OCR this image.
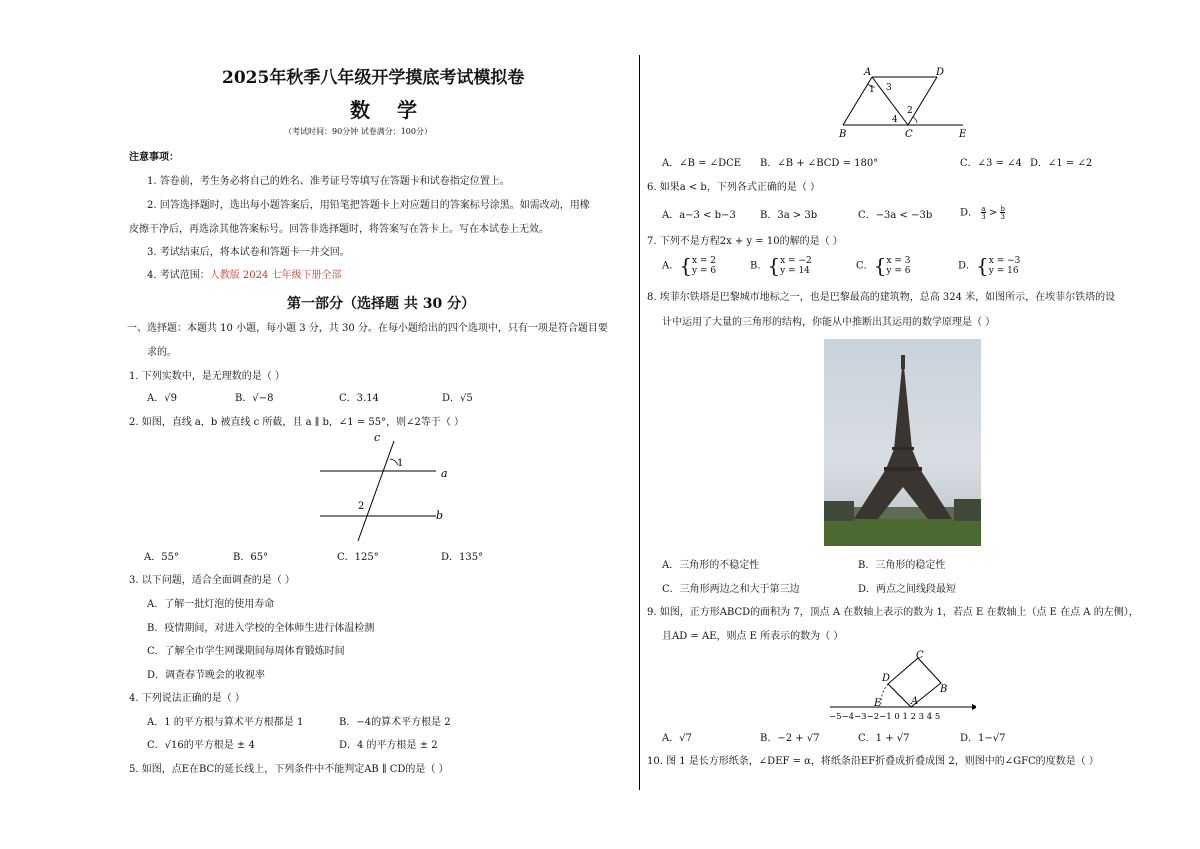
2025年秋季八年级开学摸底考试模拟卷
数 学
（考试时间：90分钟 试卷满分：100分）
注意事项：
1. 答卷前，考生务必将自己的姓名、准考证号等填写在答题卡和试卷指定位置上。
2. 回答选择题时，选出每小题答案后，用铅笔把答题卡上对应题目的答案标号涂黑。如需改动，用橡
皮擦干净后，再选涂其他答案标号。回答非选择题时，将答案写在答卡上。写在本试卷上无效。
3. 考试结束后，将本试卷和答题卡一并交回。
4. 考试范围：人教版 2024 七年级下册全部
第一部分（选择题 共 30 分）
一、选择题：本题共 10 小题，每小题 3 分，共 30 分。在每小题给出的四个选项中，只有一项是符合题目要
求的。
1. 下列实数中，是无理数的是（ ）
A．√9	B．√−8	C．3.14	D．√5
2. 如图，直线 a，b 被直线 c 所截，且 a ∥ b，∠1 = 55°，则∠2等于（ ）
c
1
a
2
b
A．55°	B．65°	C．125°	D．135°
3. 以下问题，适合全面调查的是（ ）
A．了解一批灯泡的使用寿命
B．疫情期间，对进入学校的全体师生进行体温检测
C．了解全市学生网课期间每周体育锻炼时间
D．调查春节晚会的收视率
4. 下列说法正确的是（ ）
A．1 的平方根与算术平方根都是 1	B．−4的算术平方根是 2
C．√16的平方根是 ± 4	D．4 的平方根是 ± 2
5. 如图，点E在BC的延长线上，下列条件中不能判定AB ∥ CD的是（ ）
A	D
B	C	E
1 3
2
4
A．∠B = ∠DCE B．∠B + ∠BCD = 180°	C．∠3 = ∠4 D．∠1 = ∠2
6. 如果a < b，下列各式正确的是（ ）
A．a−3 < b−3 B．3a > 3b	C．−3a < −3b	D． $\frac{a}{3} > \frac{b}{3}$
7. 下列不是方程2x + y = 10的解的是（ ）
A．{x = 2
y = 6	B．{x = −2
y = 14	C．{x = 3
y = 6	D．{x = −3
y = 16
8. 埃菲尔铁塔是巴黎城市地标之一，也是巴黎最高的建筑物，总高 324 米，如图所示，在埃菲尔铁塔的设
计中运用了大量的三角形的结构，你能从中推断出其运用的数学原理是（ ）
A．三角形的不稳定性	B．三角形的稳定性
C．三角形两边之和大于第三边	D．两点之间线段最短
9. 如图，正方形ABCD的面积为 7，顶点 A 在数轴上表示的数为 1，若点 E 在数轴上（点 E 在点 A 的左侧），
且AD = AE，则点 E 所表示的数为（ ）
C
D
B
E	A
−5−4−3−2−1 0 1 2 3 4 5
A．√7	B．−2 + √7	C．1 + √7	D．1−√7
10. 图 1 是长方形纸条，∠DEF = α，将纸条沿EF折叠成折叠成图 2，则图中的∠GFC的度数是（ ）
